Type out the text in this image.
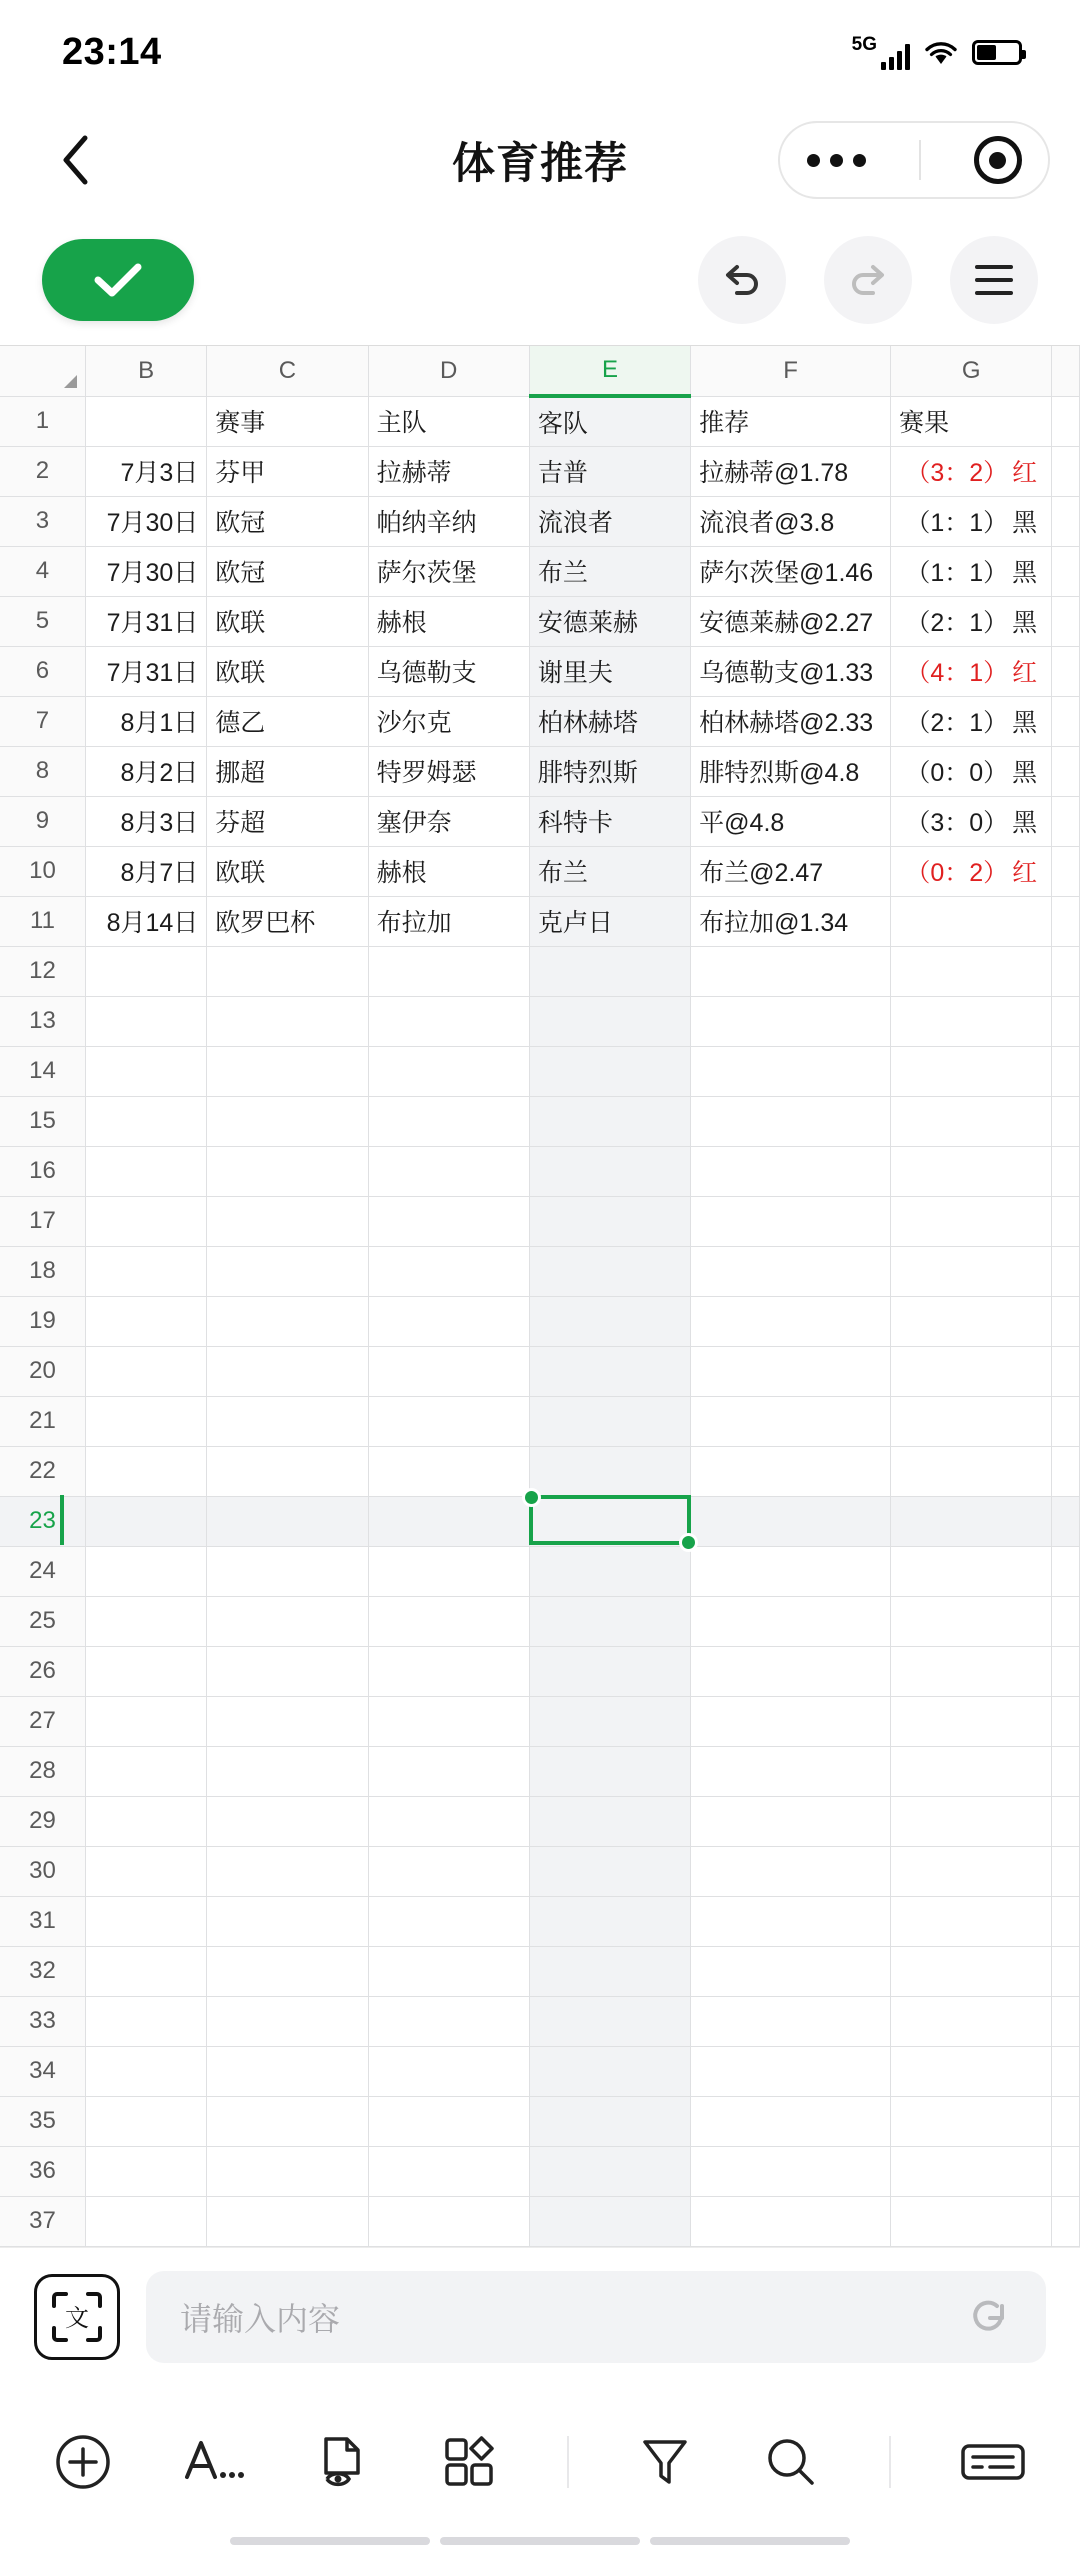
23:14	5G
体育推荐
	B	C	D	E	F	G	
1		赛事	主队	客队	推荐	赛果	
2	7月3日	芬甲	拉赫蒂	吉普	拉赫蒂@1.78	（3：2） 红	
3	7月30日	欧冠	帕纳辛纳	流浪者	流浪者@3.8	（1：1） 黑	
4	7月30日	欧冠	萨尔茨堡	布兰	萨尔茨堡@1.46	（1：1） 黑	
5	7月31日	欧联	赫根	安德莱赫	安德莱赫@2.27	（2：1） 黑	
6	7月31日	欧联	乌德勒支	谢里夫	乌德勒支@1.33	（4：1） 红	
7	8月1日	德乙	沙尔克	柏林赫塔	柏林赫塔@2.33	（2：1） 黑	
8	8月2日	挪超	特罗姆瑟	腓特烈斯	腓特烈斯@4.8	（0：0） 黑	
9	8月3日	芬超	塞伊奈	科特卡	平@4.8	（3：0） 黑	
10	8月7日	欧联	赫根	布兰	布兰@2.47	（0：2） 红	
11	8月14日	欧罗巴杯	布拉加	克卢日	布拉加@1.34		
12							
13							
14							
15							
16							
17							
18							
19							
20							
21							
22							
23							
24							
25							
26							
27							
28							
29							
30							
31							
32							
33							
34							
35							
36							
37							
文	请输入内容
